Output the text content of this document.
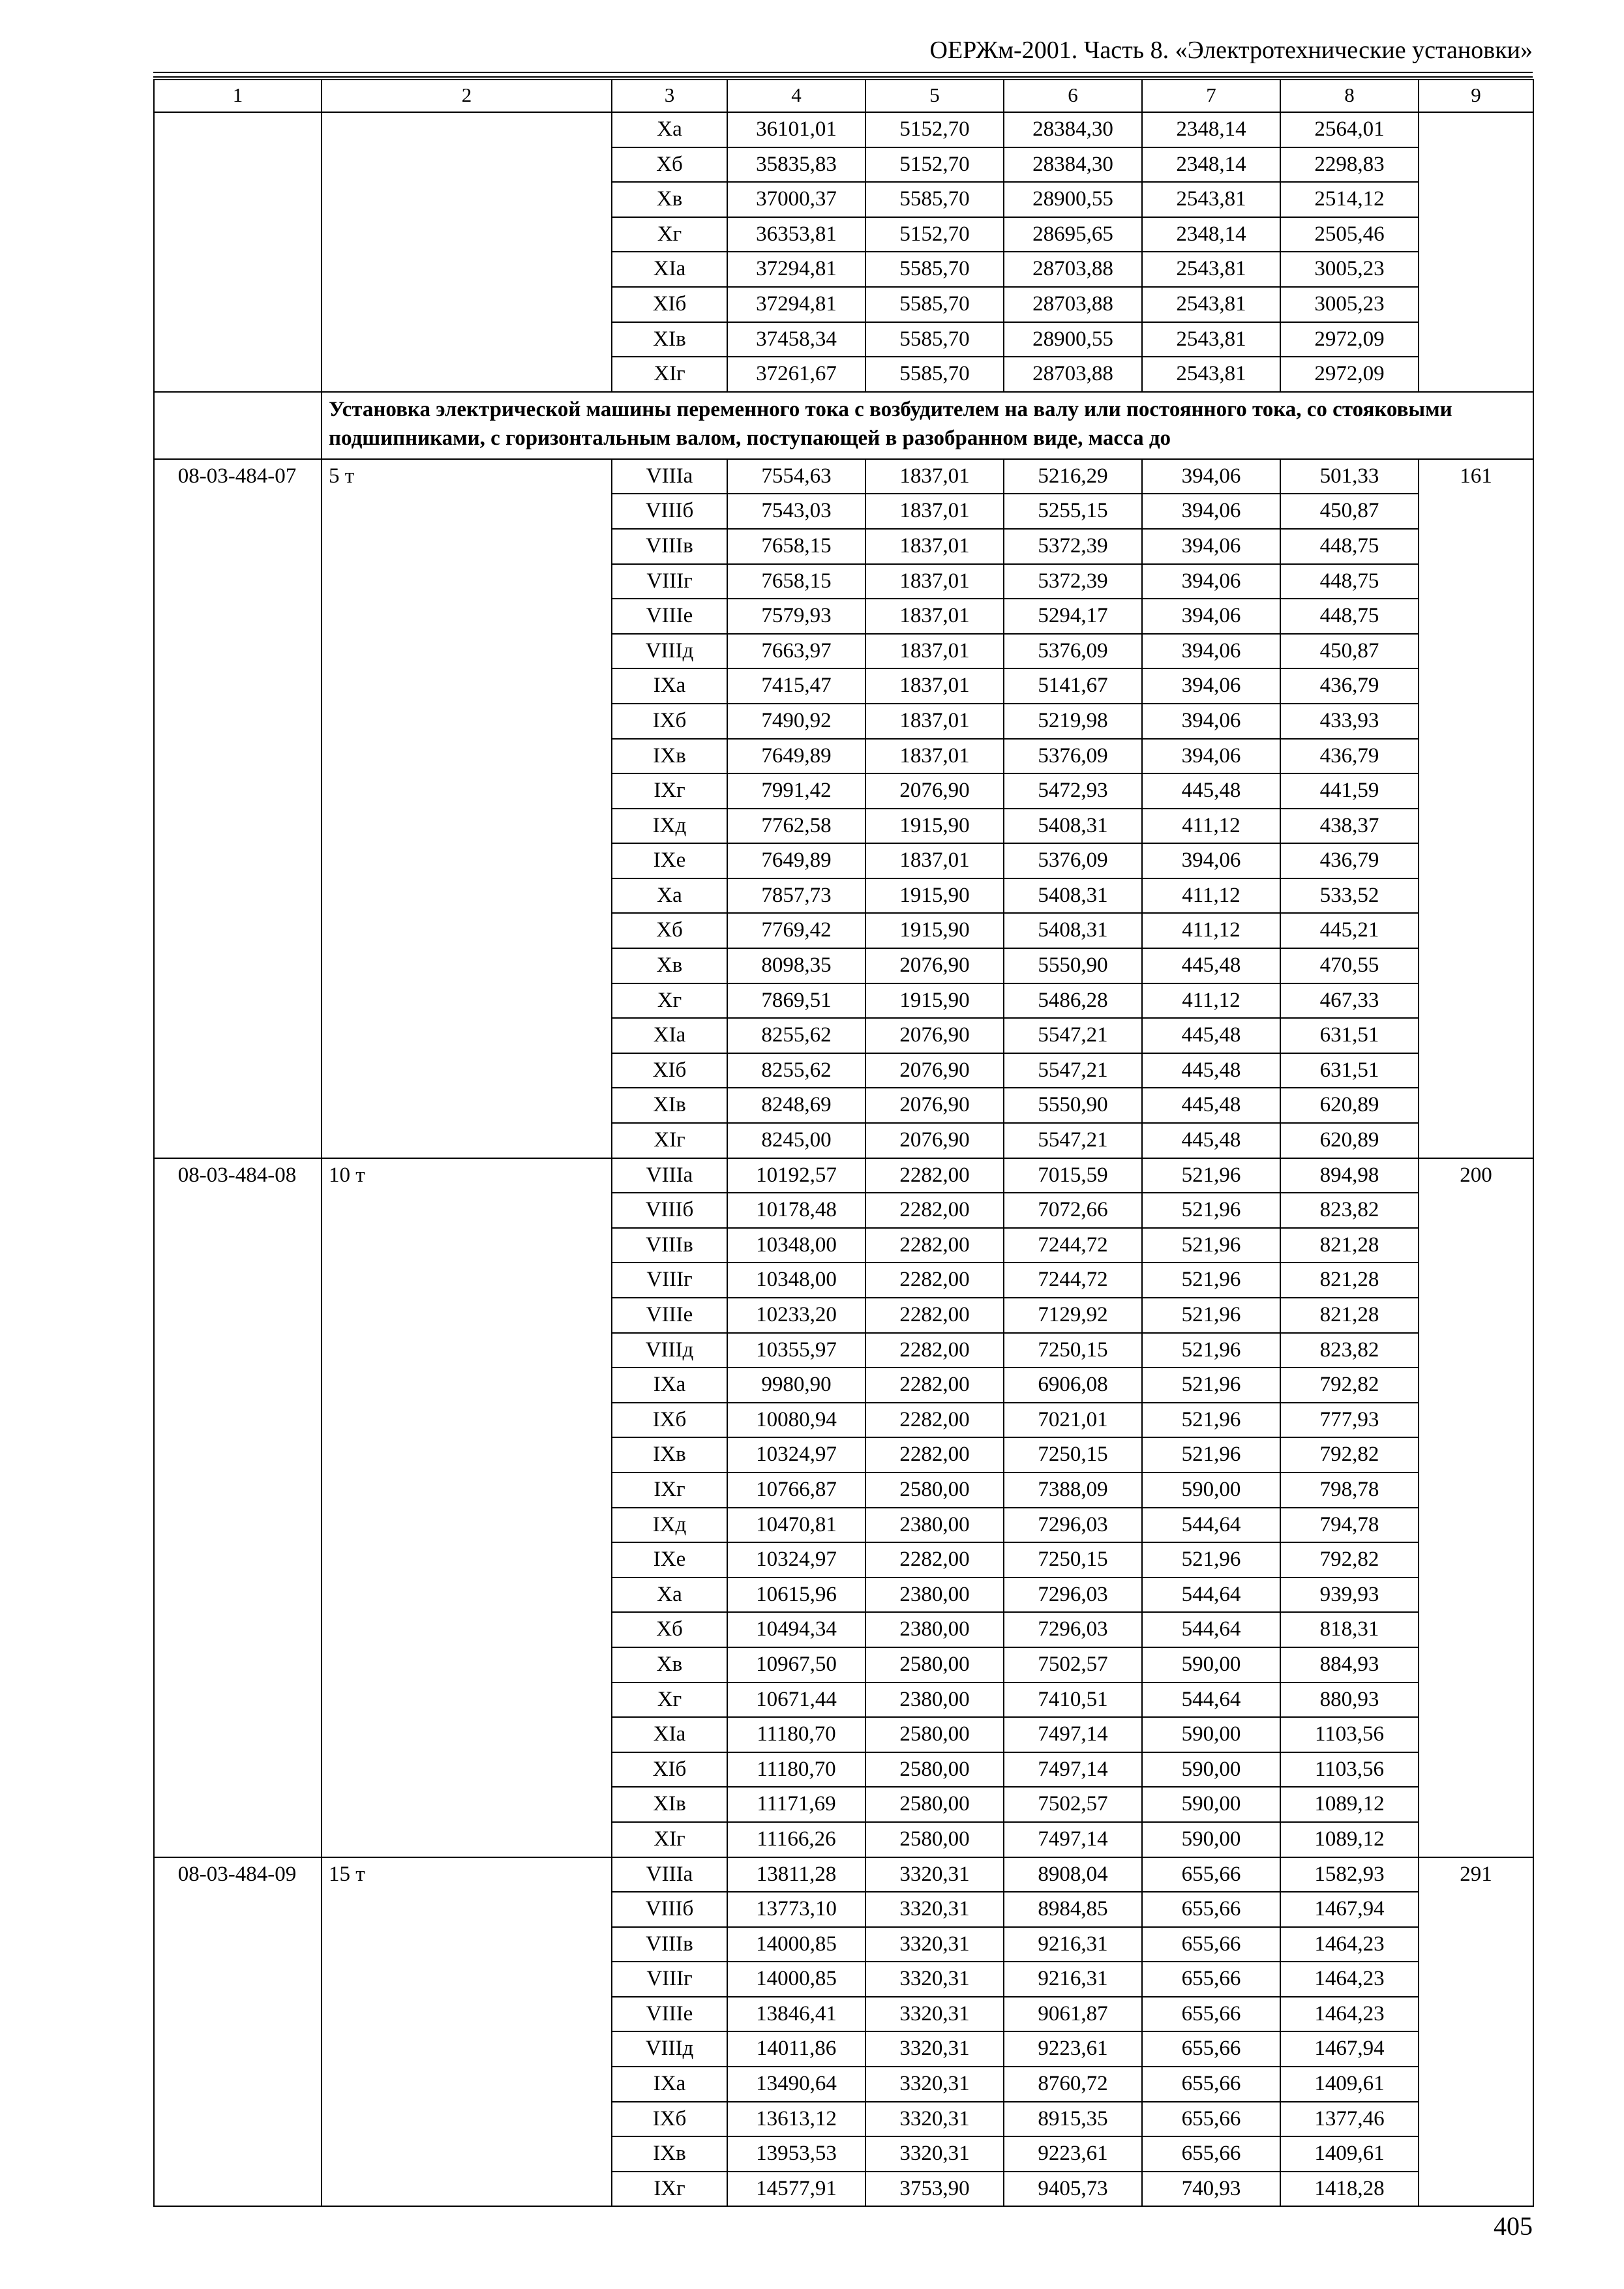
ОЕРЖм-2001. Часть 8. «Электротехнические установки»
1	2	3	4	5	6	7	8	9
		Xа	36101,01	5152,70	28384,30	2348,14	2564,01	
		Xб	35835,83	5152,70	28384,30	2348,14	2298,83	
		Xв	37000,37	5585,70	28900,55	2543,81	2514,12	
		Xг	36353,81	5152,70	28695,65	2348,14	2505,46	
		XIа	37294,81	5585,70	28703,88	2543,81	3005,23	
		XIб	37294,81	5585,70	28703,88	2543,81	3005,23	
		XIв	37458,34	5585,70	28900,55	2543,81	2972,09	
		XIг	37261,67	5585,70	28703,88	2543,81	2972,09	
	Установка электрической машины переменного тока с возбудителем на валу или постоянного тока, со стояковыми подшипниками, с горизонтальным валом, поступающей в разобранном виде, масса до							
08-03-484-07	5 т	VIIIа	7554,63	1837,01	5216,29	394,06	501,33	161
		VIIIб	7543,03	1837,01	5255,15	394,06	450,87	
		VIIIв	7658,15	1837,01	5372,39	394,06	448,75	
		VIIIг	7658,15	1837,01	5372,39	394,06	448,75	
		VIIIе	7579,93	1837,01	5294,17	394,06	448,75	
		VIIIд	7663,97	1837,01	5376,09	394,06	450,87	
		IXа	7415,47	1837,01	5141,67	394,06	436,79	
		IXб	7490,92	1837,01	5219,98	394,06	433,93	
		IXв	7649,89	1837,01	5376,09	394,06	436,79	
		IXг	7991,42	2076,90	5472,93	445,48	441,59	
		IXд	7762,58	1915,90	5408,31	411,12	438,37	
		IXе	7649,89	1837,01	5376,09	394,06	436,79	
		Xа	7857,73	1915,90	5408,31	411,12	533,52	
		Xб	7769,42	1915,90	5408,31	411,12	445,21	
		Xв	8098,35	2076,90	5550,90	445,48	470,55	
		Xг	7869,51	1915,90	5486,28	411,12	467,33	
		XIа	8255,62	2076,90	5547,21	445,48	631,51	
		XIб	8255,62	2076,90	5547,21	445,48	631,51	
		XIв	8248,69	2076,90	5550,90	445,48	620,89	
		XIг	8245,00	2076,90	5547,21	445,48	620,89	
08-03-484-08	10 т	VIIIа	10192,57	2282,00	7015,59	521,96	894,98	200
		VIIIб	10178,48	2282,00	7072,66	521,96	823,82	
		VIIIв	10348,00	2282,00	7244,72	521,96	821,28	
		VIIIг	10348,00	2282,00	7244,72	521,96	821,28	
		VIIIе	10233,20	2282,00	7129,92	521,96	821,28	
		VIIIд	10355,97	2282,00	7250,15	521,96	823,82	
		IXа	9980,90	2282,00	6906,08	521,96	792,82	
		IXб	10080,94	2282,00	7021,01	521,96	777,93	
		IXв	10324,97	2282,00	7250,15	521,96	792,82	
		IXг	10766,87	2580,00	7388,09	590,00	798,78	
		IXд	10470,81	2380,00	7296,03	544,64	794,78	
		IXе	10324,97	2282,00	7250,15	521,96	792,82	
		Xа	10615,96	2380,00	7296,03	544,64	939,93	
		Xб	10494,34	2380,00	7296,03	544,64	818,31	
		Xв	10967,50	2580,00	7502,57	590,00	884,93	
		Xг	10671,44	2380,00	7410,51	544,64	880,93	
		XIа	11180,70	2580,00	7497,14	590,00	1103,56	
		XIб	11180,70	2580,00	7497,14	590,00	1103,56	
		XIв	11171,69	2580,00	7502,57	590,00	1089,12	
		XIг	11166,26	2580,00	7497,14	590,00	1089,12	
08-03-484-09	15 т	VIIIа	13811,28	3320,31	8908,04	655,66	1582,93	291
		VIIIб	13773,10	3320,31	8984,85	655,66	1467,94	
		VIIIв	14000,85	3320,31	9216,31	655,66	1464,23	
		VIIIг	14000,85	3320,31	9216,31	655,66	1464,23	
		VIIIе	13846,41	3320,31	9061,87	655,66	1464,23	
		VIIIд	14011,86	3320,31	9223,61	655,66	1467,94	
		IXа	13490,64	3320,31	8760,72	655,66	1409,61	
		IXб	13613,12	3320,31	8915,35	655,66	1377,46	
		IXв	13953,53	3320,31	9223,61	655,66	1409,61	
		IXг	14577,91	3753,90	9405,73	740,93	1418,28	
405
